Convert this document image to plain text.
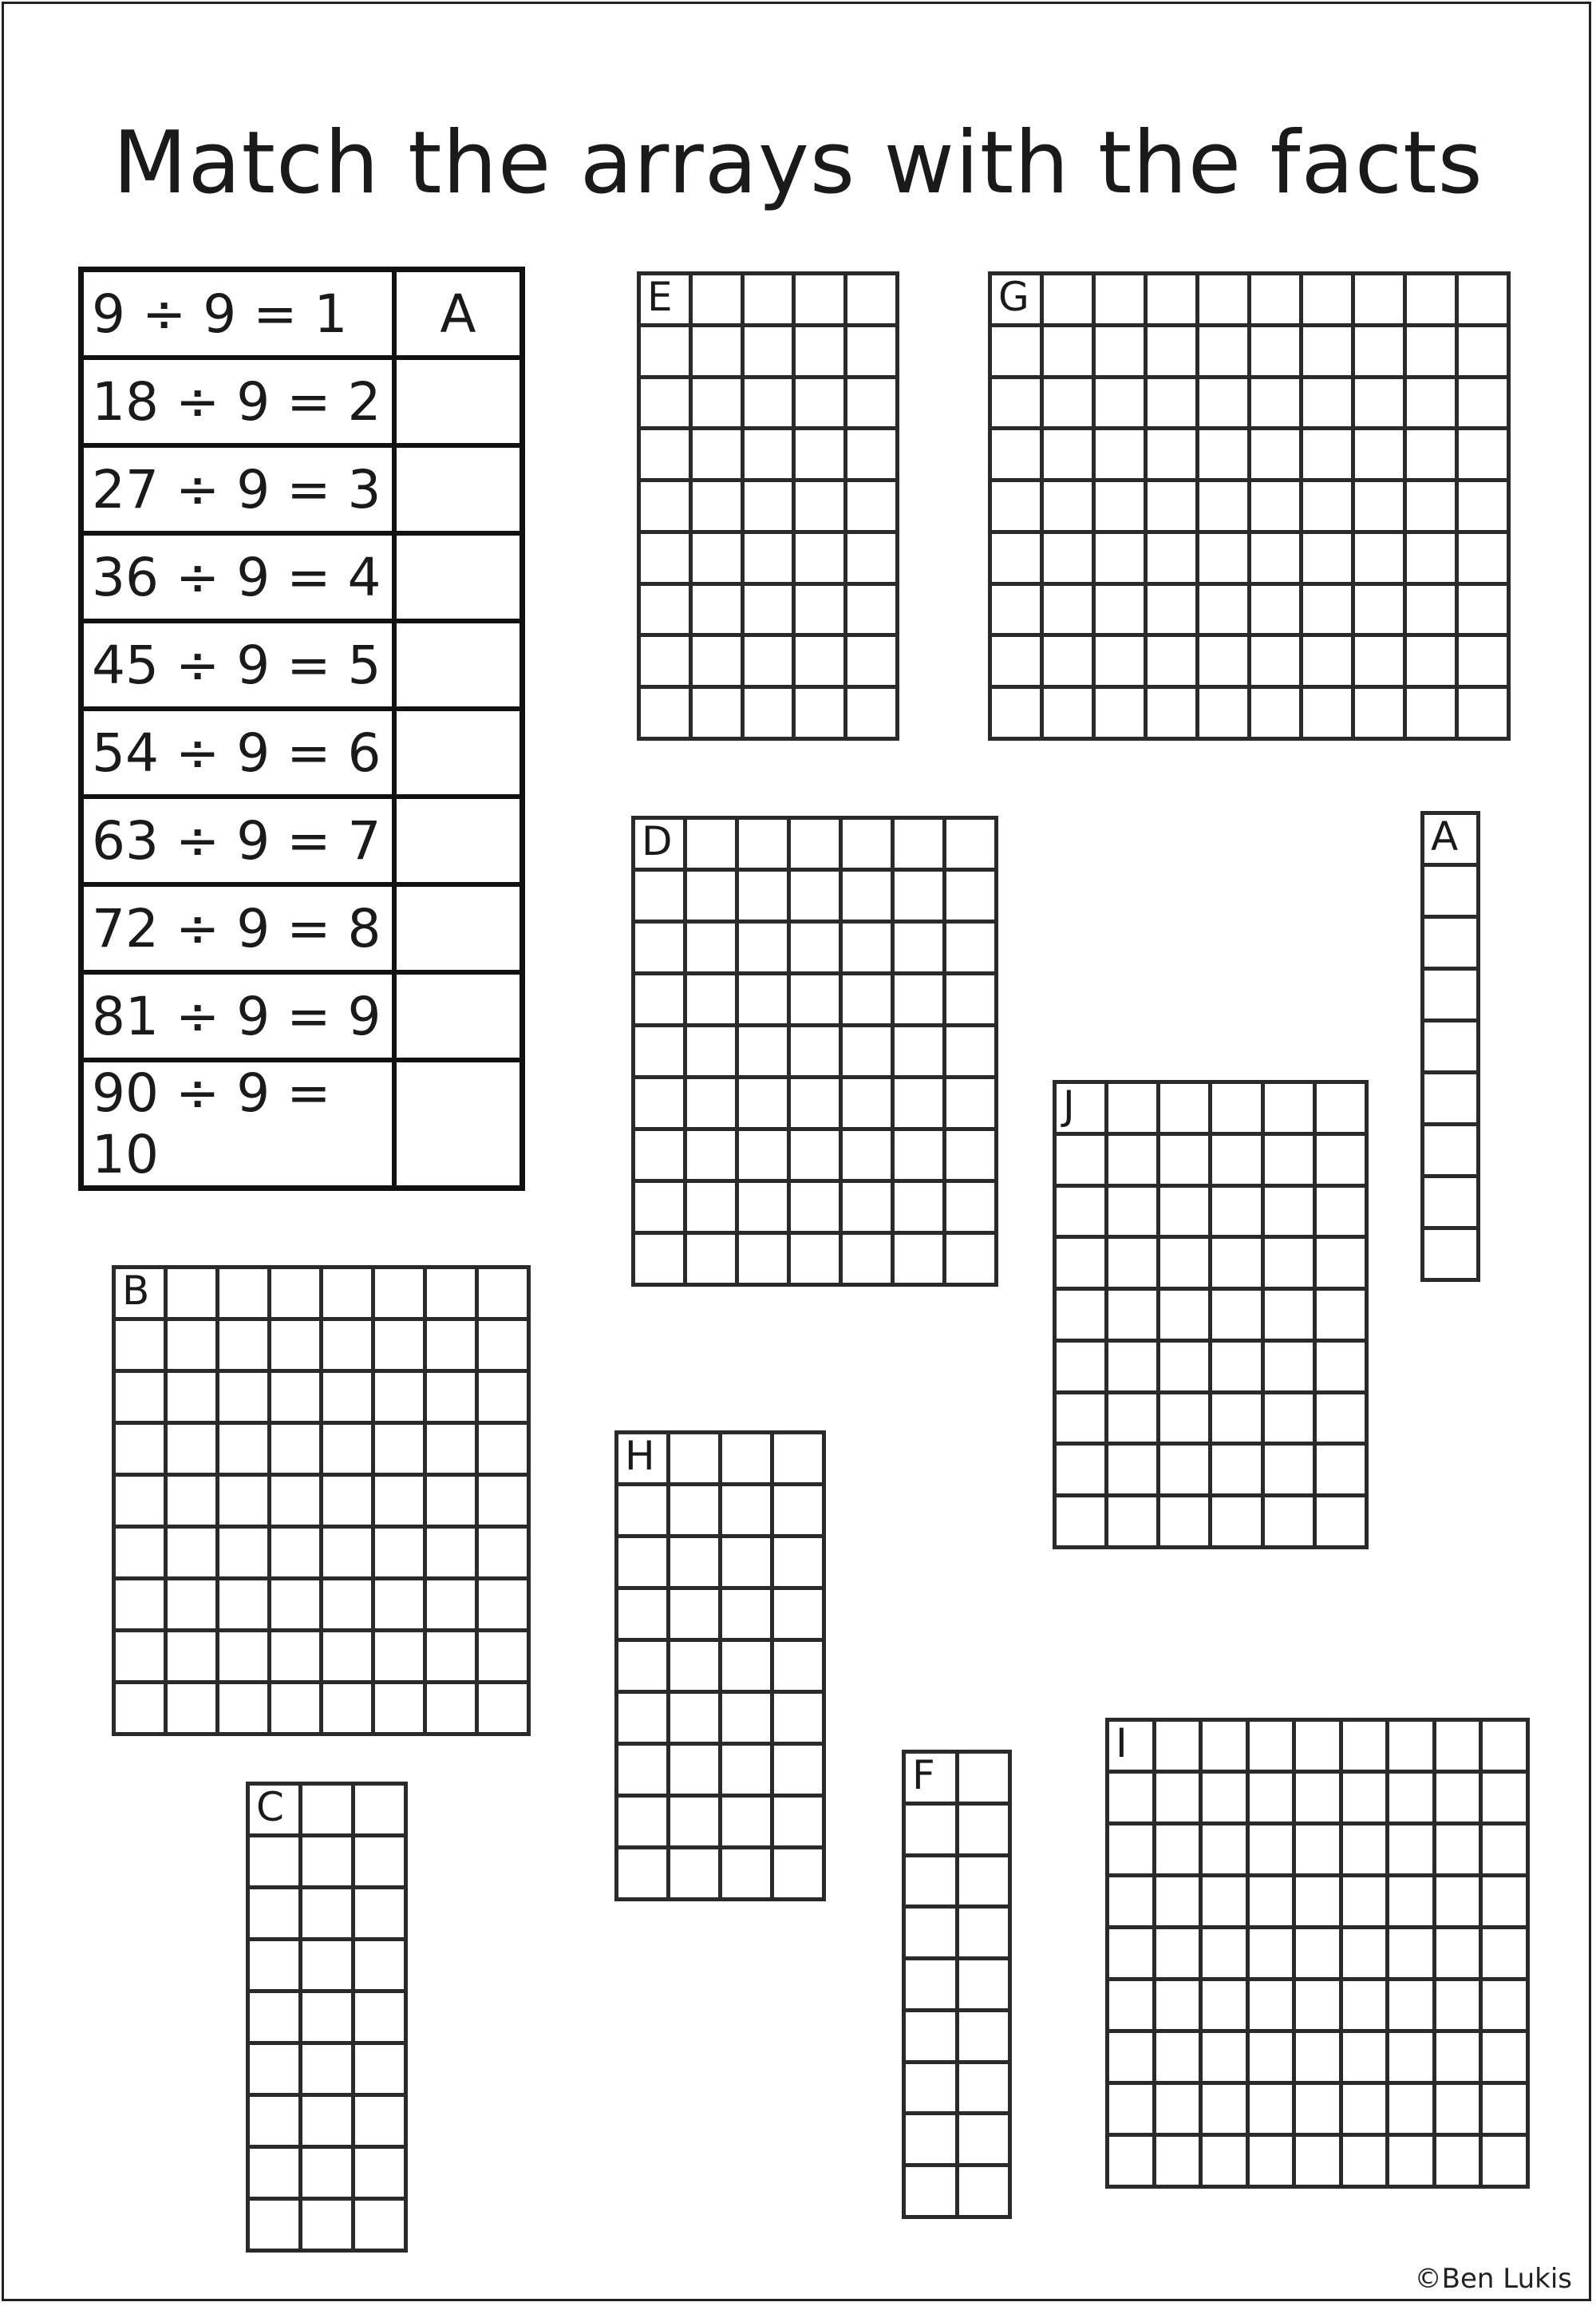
Match the arrays with the facts
9 ÷ 9 = 1	A
18 ÷ 9 = 2	
27 ÷ 9 = 3	
36 ÷ 9 = 4	
45 ÷ 9 = 5	
54 ÷ 9 = 6	
63 ÷ 9 = 7	
72 ÷ 9 = 8	
81 ÷ 9 = 9	
90 ÷ 9 = 10	
E	G
D	A
J
B
H
C
F
I
©Ben Lukis
